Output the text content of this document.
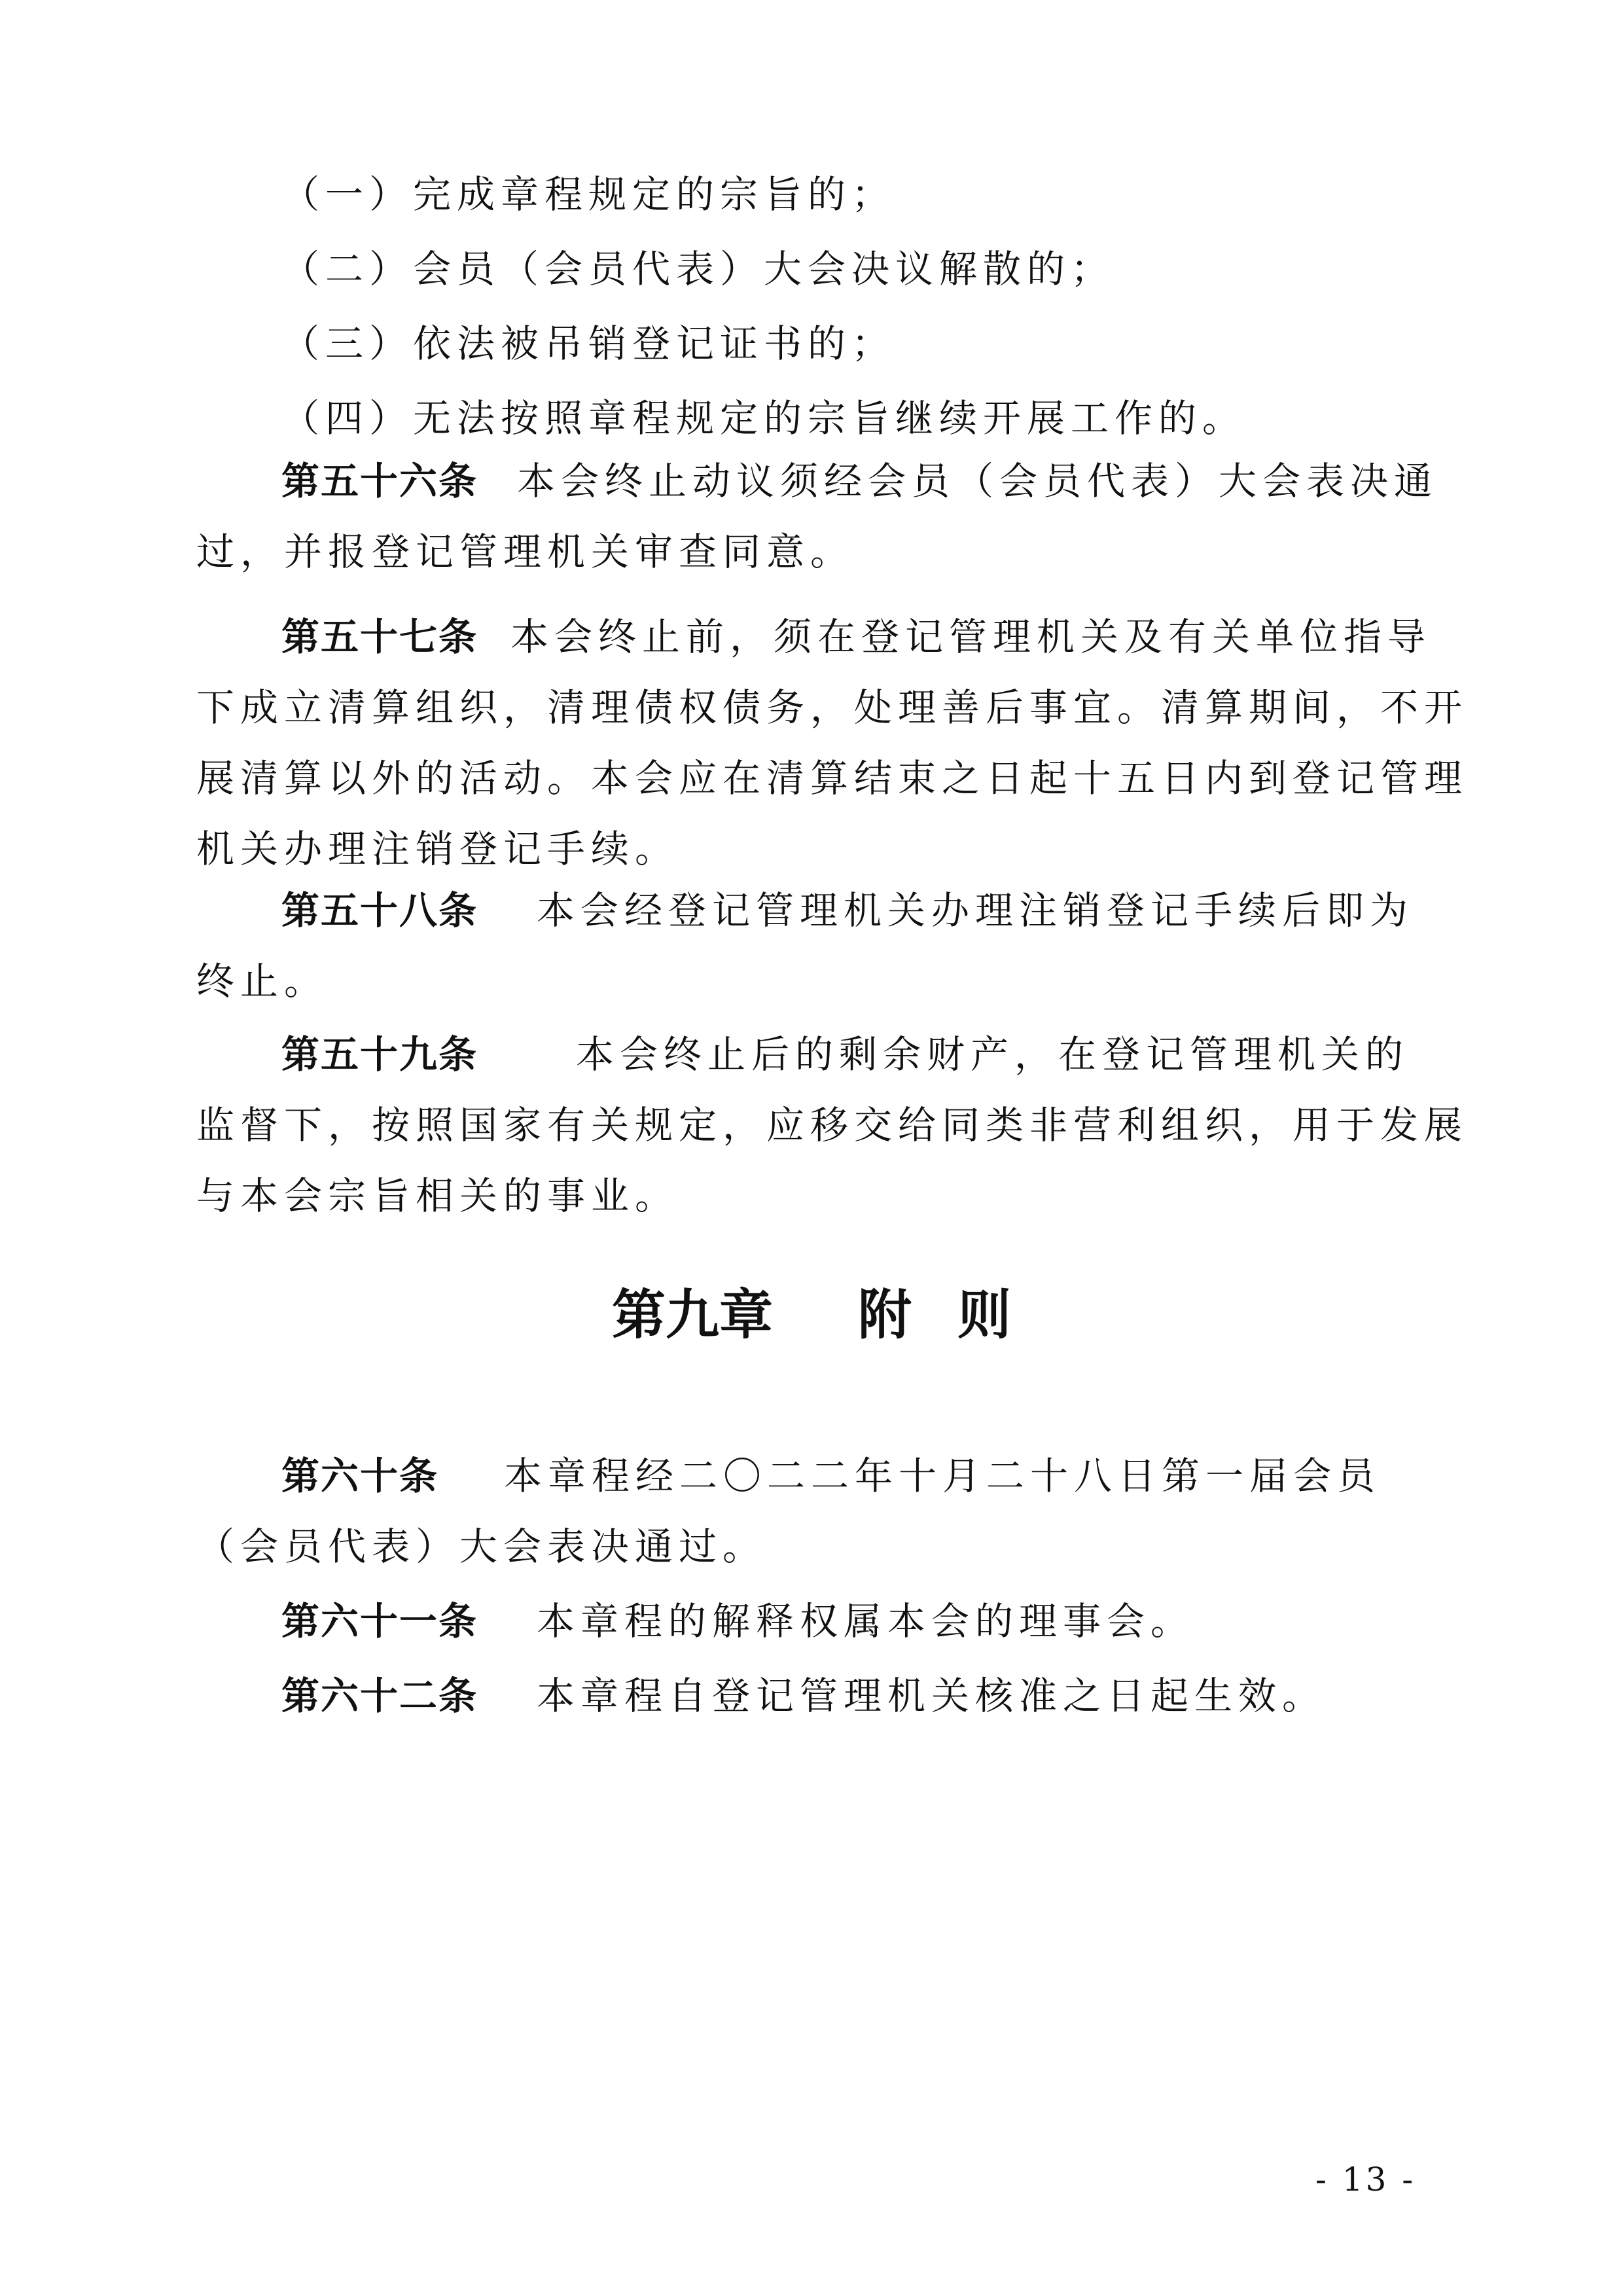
（一）完成章程规定的宗旨的；
（二）会员（会员代表）大会决议解散的；
（三）依法被吊销登记证书的；
（四）无法按照章程规定的宗旨继续开展工作的。
第五十六条 本会终止动议须经会员（会员代表）大会表决通
过，并报登记管理机关审查同意。
第五十七条 本会终止前，须在登记管理机关及有关单位指导
下成立清算组织，清理债权债务，处理善后事宜。清算期间，不开
展清算以外的活动。本会应在清算结束之日起十五日内到登记管理
机关办理注销登记手续。
第五十八条 本会经登记管理机关办理注销登记手续后即为
终止。
第五十九条	本会终止后的剩余财产，在登记管理机关的
监督下，按照国家有关规定，应移交给同类非营利组织，用于发展
与本会宗旨相关的事业。
第九章 附 则
第六十条 本章程经二〇二二年十月二十八日第一届会员
（会员代表）大会表决通过。
第六十一条 本章程的解释权属本会的理事会。
第六十二条 本章程自登记管理机关核准之日起生效。
- 13 -
